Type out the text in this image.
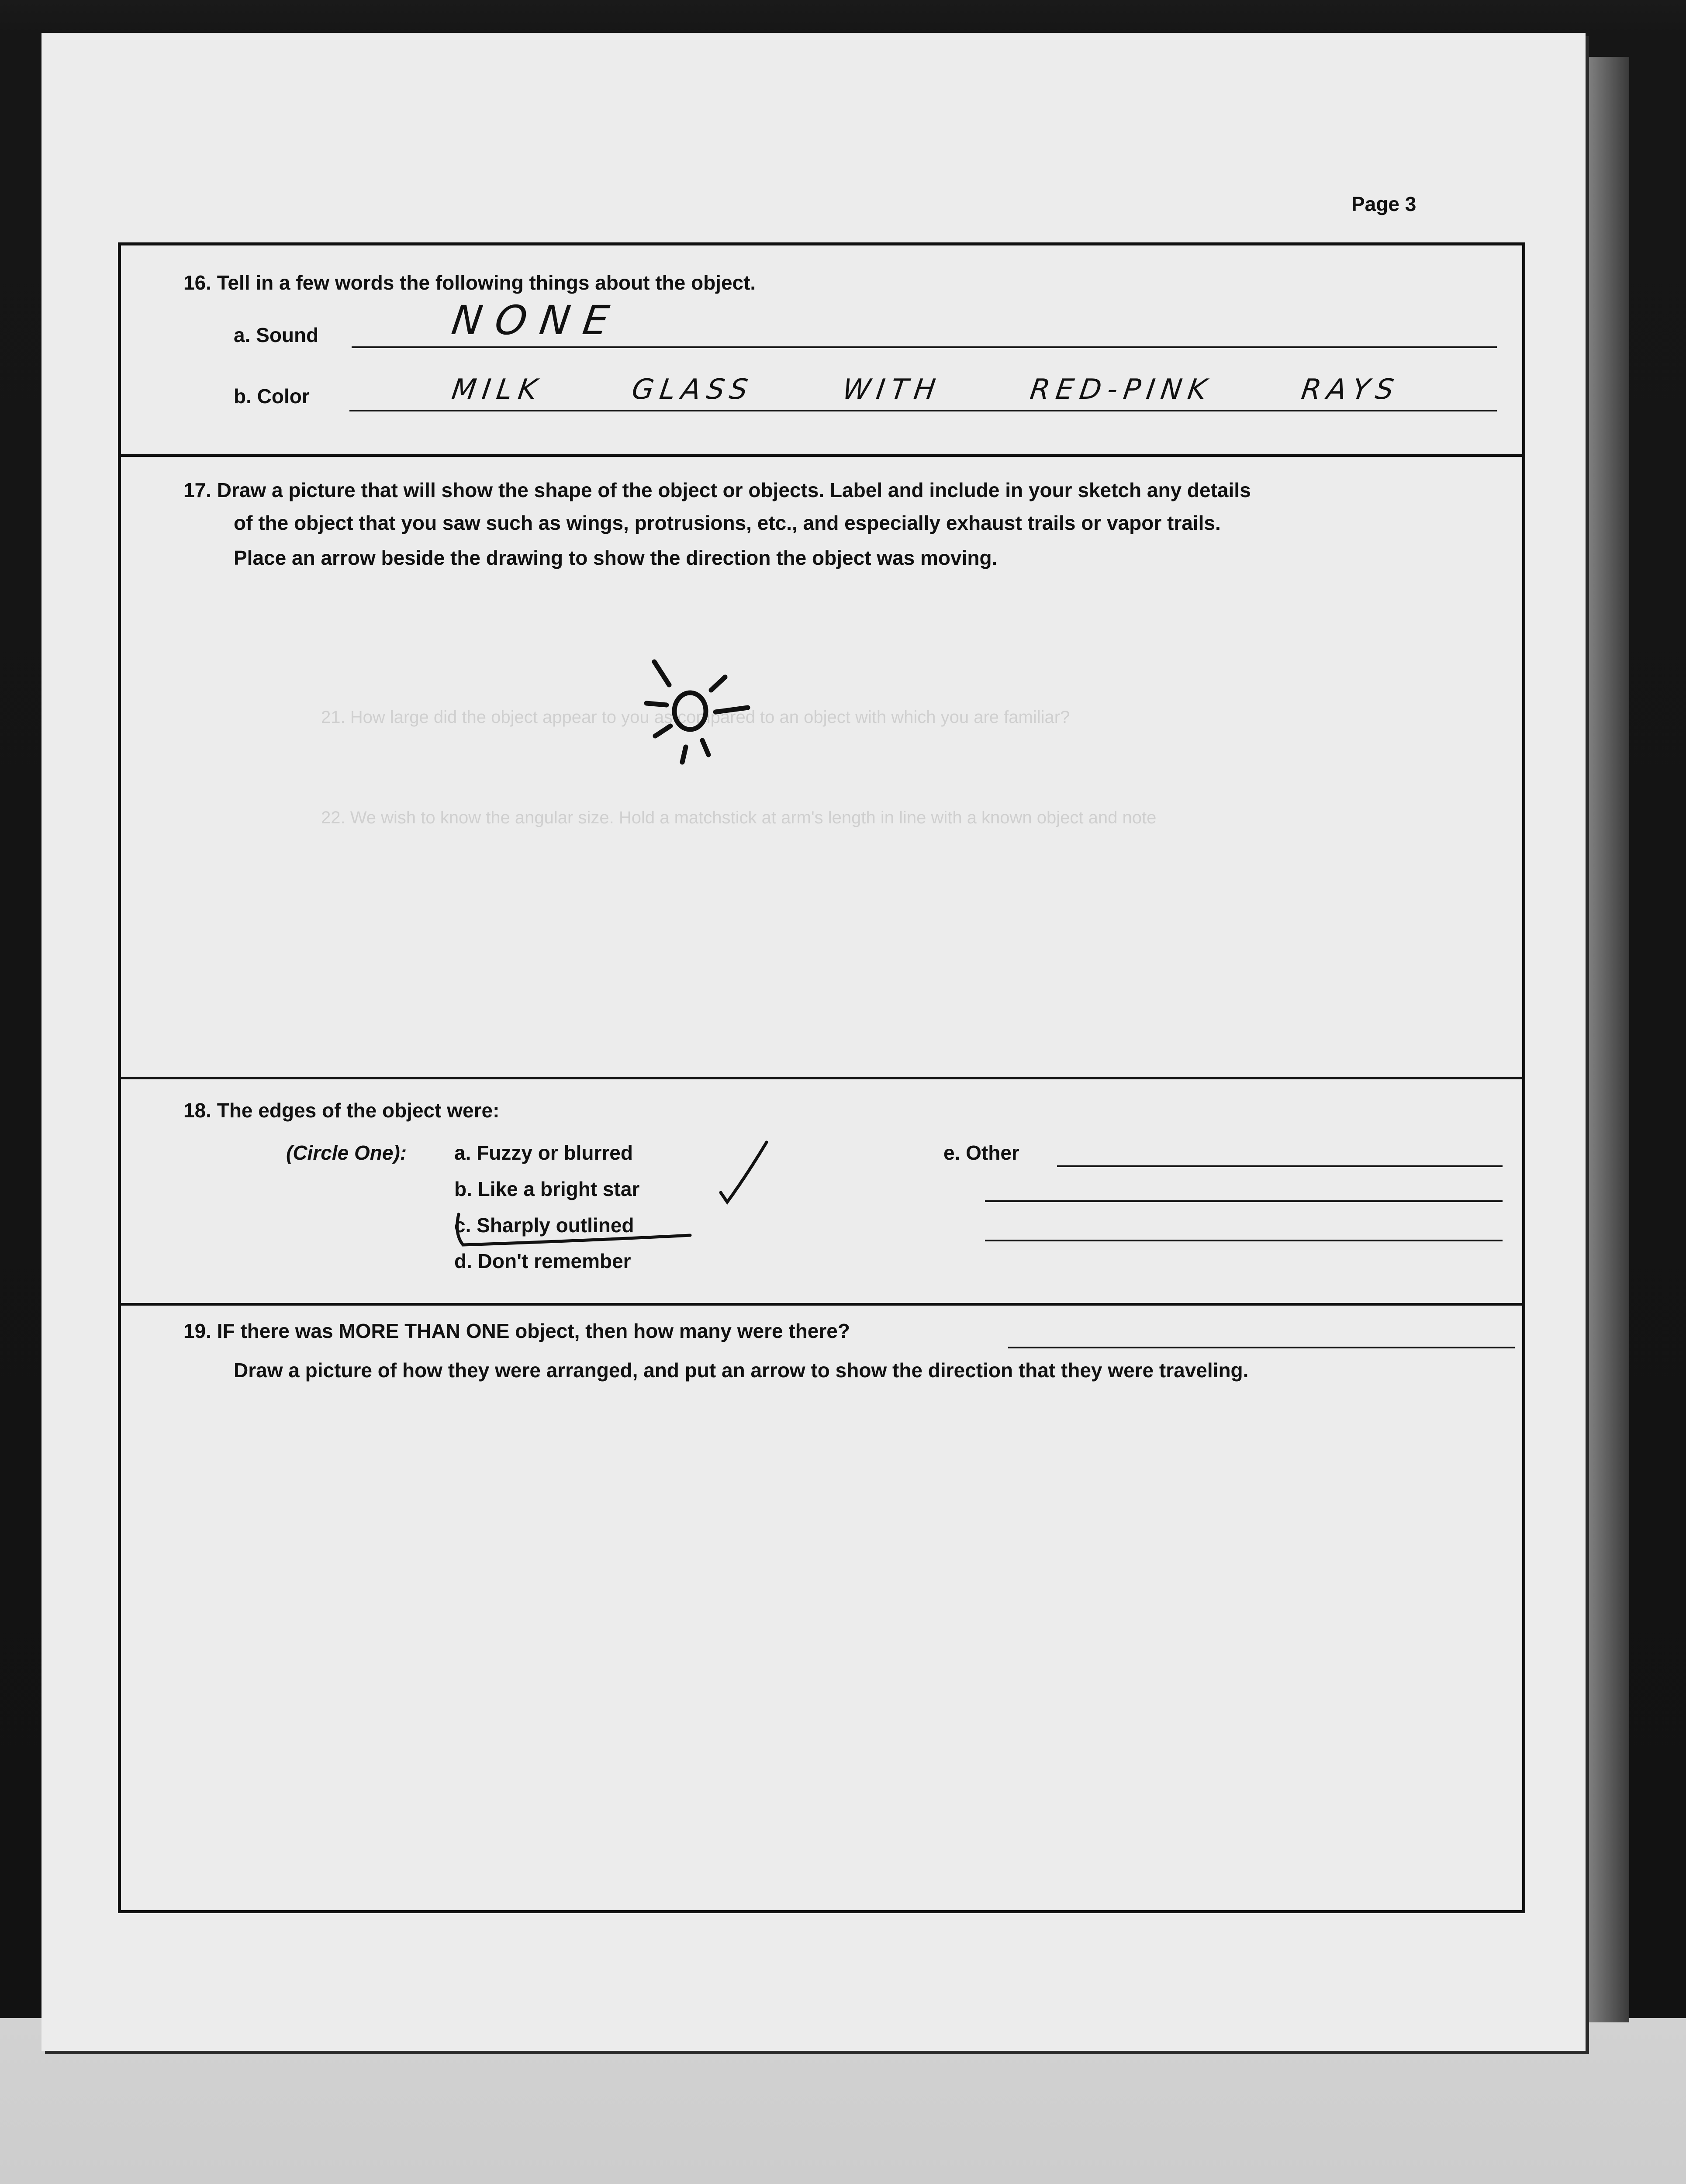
21. How large did the object appear to you as compared to an object with which you are familiar?
22. We wish to know the angular size. Hold a matchstick at arm's length in line with a known object and note
Page 3
16. Tell in a few words the following things about the object.
a. Sound	NONE
b. Color	MILK GLASS WITH RED-PINK RAYS
17. Draw a picture that will show the shape of the object or objects. Label and include in your sketch any details
of the object that you saw such as wings, protrusions, etc., and especially exhaust trails or vapor trails.
Place an arrow beside the drawing to show the direction the object was moving.
18. The edges of the object were:
(Circle One): a. Fuzzy or blurred
b. Like a bright star
c. Sharply outlined
d. Don't remember
e. Other
19. IF there was MORE THAN ONE object, then how many were there?
Draw a picture of how they were arranged, and put an arrow to show the direction that they were traveling.
